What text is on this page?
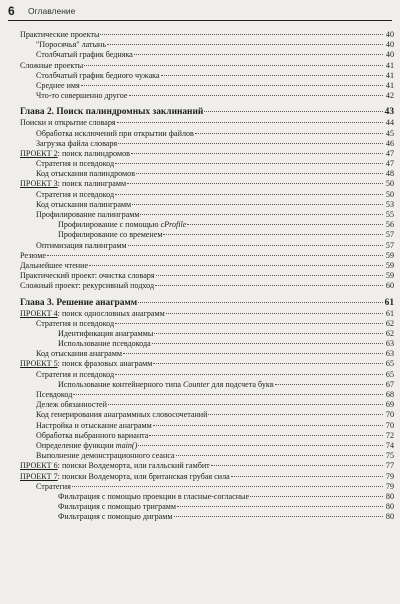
6	Оглавление
Практические проекты	40
"Поросячья" латынь	40
Столбчатый график бедняка	40
Сложные проекты	41
Столбчатый график бедного чужака	41
Среднее имя	41
Что-то совершенно другое	42
Глава 2. Поиск палиндромных заклинаний	43
Поиски и открытие словаря	44
Обработка исключений при открытии файлов	45
Загрузка файла словаря	46
ПРОЕКТ 2: поиск палиндромов	47
Стратегия и псевдокод	47
Код отыскания палиндромов	48
ПРОЕКТ 3: поиск палинграмм	50
Стратегия и псевдокод	50
Код отыскания палинграмм	53
Профилирование палинграмм	55
Профилирование с помощью cProfile	56
Профилирование со временем	57
Оптимизация палинграмм	57
Резюме	59
Дальнейшее чтение	59
Практический проект: очистка словаря	59
Сложный проект: рекурсивный подход	60
Глава 3. Решение анаграмм	61
ПРОЕКТ 4: поиск однословных анаграмм	61
Стратегия и псевдокод	62
Идентификация анаграммы	62
Использование псевдокода	63
Код отыскания анаграмм	63
ПРОЕКТ 5: поиск фразовых анаграмм	65
Стратегия и псевдокод	65
Использование контейнерного типа Counter для подсчета букв	67
Псевдокод	68
Дележ обязанностей	69
Код генерирования анаграммных словосочетаний	70
Настройка и отыскание анаграмм	70
Обработка выбранного варианта	72
Определение функции main()	74
Выполнение демонстрационного сеанса	75
ПРОЕКТ 6: поиски Волдеморта, или галльский гамбит	77
ПРОЕКТ 7: поиски Волдеморта, или британская грубая сила	79
Стратегия	79
Фильтрация с помощью проекции в гласные-согласные	80
Фильтрация с помощью триграмм	80
Фильтрация с помощью диграмм	80
